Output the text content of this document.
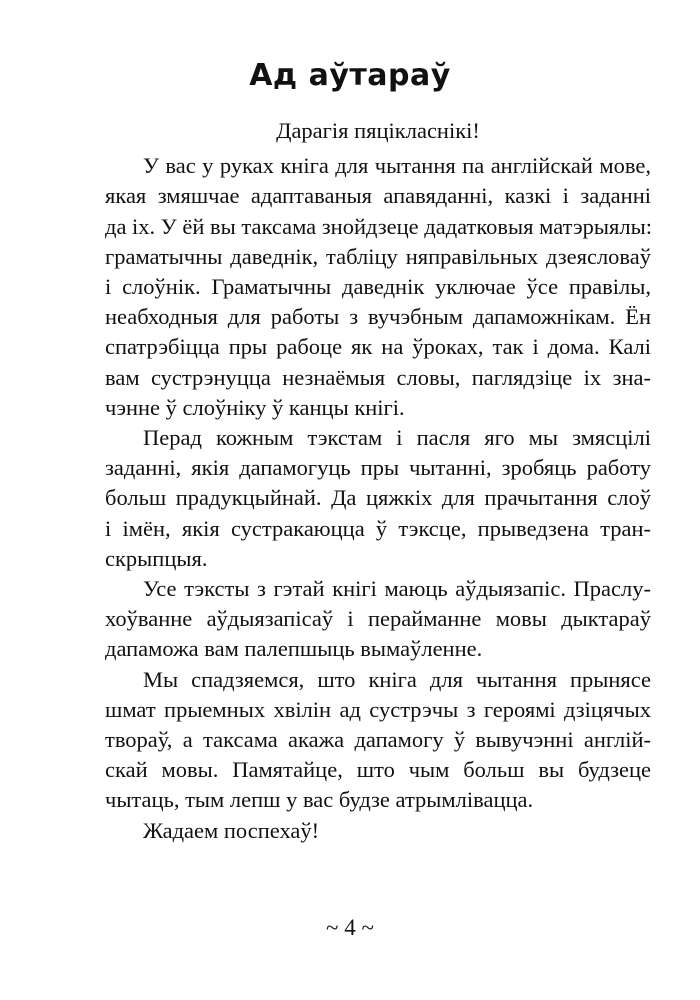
Ад аўтараў
Дарагія пяцікласнікі!
У вас у руках кніга для чытання па англійскай мове,
якая змяшчае адаптаваныя апавяданні, казкі і заданні
да іх. У ёй вы таксама знойдзеце дадатковыя матэрыялы:
граматычны даведнік, табліцу няправільных дзеясловаў
і слоўнік. Граматычны даведнік уключае ўсе правілы,
неабходныя для работы з вучэбным дапаможнікам. Ён
спатрэбіцца пры рабоце як на ўроках, так і дома. Калі
вам сустрэнуцца незнаёмыя словы, паглядзіце іх зна-
чэнне ў слоўніку ў канцы кнігі.
Перад кожным тэкстам і пасля яго мы змясцілі
заданні, якія дапамогуць пры чытанні, зробяць работу
больш прадукцыйнай. Да цяжкіх для прачытання слоў
і імён, якія сустракаюцца ў тэксце, прыведзена тран-
скрыпцыя.
Усе тэксты з гэтай кнігі маюць аўдыязапіс. Праслу-
хоўванне аўдыязапісаў і перайманне мовы дыктараў
дапаможа вам палепшыць вымаўленне.
Мы спадзяемся, што кніга для чытання прынясе
шмат прыемных хвілін ад сустрэчы з героямі дзіцячых
твораў, а таксама акажа дапамогу ў вывучэнні англій-
скай мовы. Памятайце, што чым больш вы будзеце
чытаць, тым лепш у вас будзе атрымлівацца.
Жадаем поспехаў!
~ 4 ~
